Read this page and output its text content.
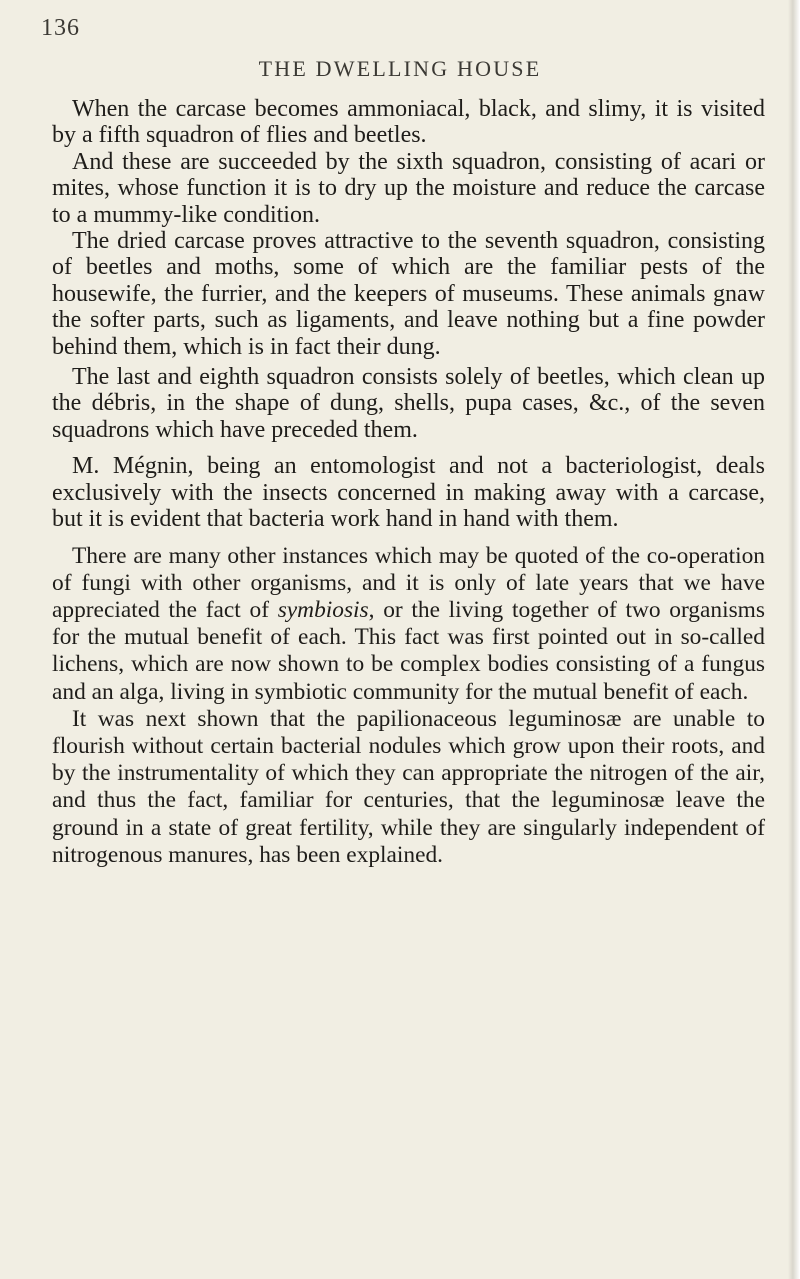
136
THE DWELLING HOUSE

When the carcase becomes ammoniacal, black, and slimy, it is visited by a fifth squadron of flies and beetles.

And these are succeeded by the sixth squadron, consisting of acari or mites, whose function it is to dry up the moisture and reduce the carcase to a mummy-like condition.

The dried carcase proves attractive to the seventh squadron, consisting of beetles and moths, some of which are the familiar pests of the housewife, the furrier, and the keepers of museums. These animals gnaw the softer parts, such as ligaments, and leave nothing but a fine powder behind them, which is in fact their dung.

The last and eighth squadron consists solely of beetles, which clean up the débris, in the shape of dung, shells, pupa cases, &c., of the seven squadrons which have preceded them.

M. Mégnin, being an entomologist and not a bacteriologist, deals exclusively with the insects concerned in making away with a carcase, but it is evident that bacteria work hand in hand with them.

There are many other instances which may be quoted of the co-operation of fungi with other organisms, and it is only of late years that we have appreciated the fact of symbiosis, or the living together of two organisms for the mutual benefit of each. This fact was first pointed out in so-called lichens, which are now shown to be complex bodies consisting of a fungus and an alga, living in symbiotic community for the mutual benefit of each.

It was next shown that the papilionaceous leguminosæ are unable to flourish without certain bacterial nodules which grow upon their roots, and by the instrumentality of which they can appropriate the nitrogen of the air, and thus the fact, familiar for centuries, that the leguminosæ leave the ground in a state of great fertility, while they are singularly independent of nitrogenous manures, has been explained.
